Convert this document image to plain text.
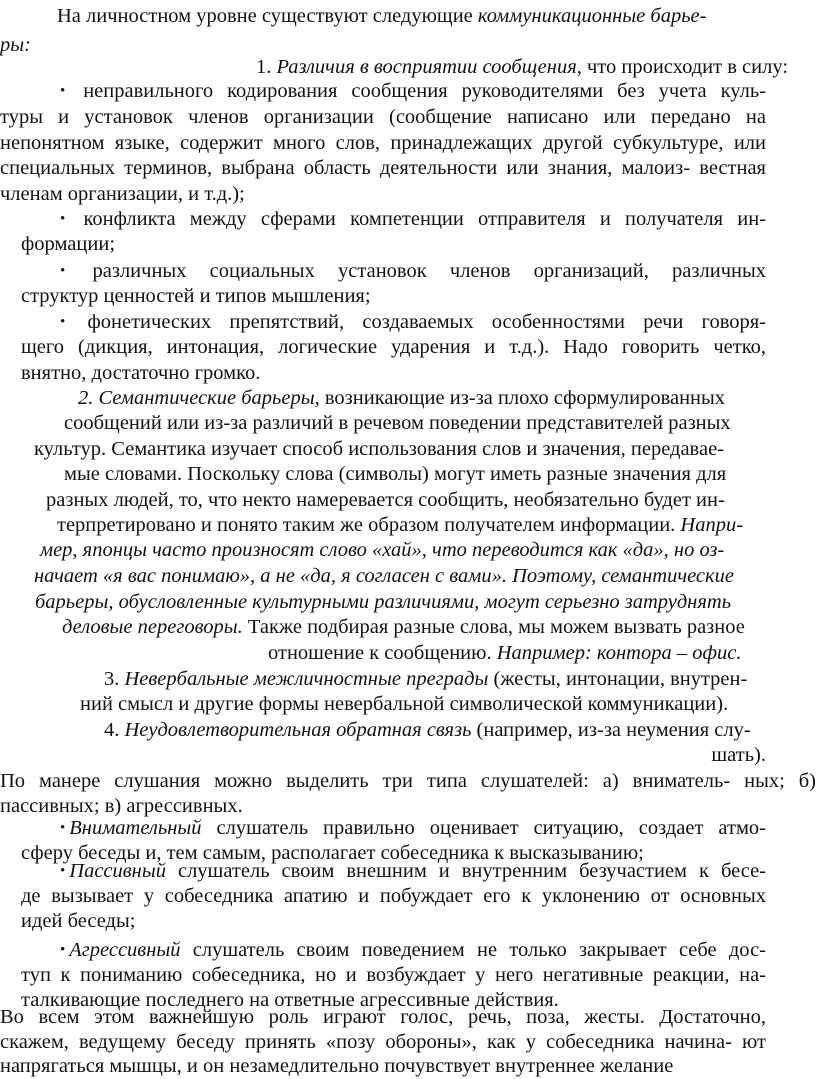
На личностном уровне существуют следующие коммуникационные барье-
ры:
1. Различия в восприятии сообщения, что происходит в силу:
• неправильного кодирования сообщения руководителями без учета куль-
туры и установок членов организации (сообщение написано или передано на
непонятном языке, содержит много слов, принадлежащих другой субкультуре, или
специальных терминов, выбрана область деятельности или знания, малоиз- вестная
членам организации, и т.д.);
• конфликта между сферами компетенции отправителя и получателя ин-
формации;
• различных социальных установок членов организаций, различных
структур ценностей и типов мышления;
• фонетических препятствий, создаваемых особенностями речи говоря-
щего (дикция, интонация, логические ударения и т.д.). Надо говорить четко,
внятно, достаточно громко.
2. Семантические барьеры, возникающие из-за плохо сформулированных
сообщений или из-за различий в речевом поведении представителей разных
культур. Семантика изучает способ использования слов и значения, передавае-
мые словами. Поскольку слова (символы) могут иметь разные значения для
разных людей, то, что некто намеревается сообщить, необязательно будет ин-
терпретировано и понято таким же образом получателем информации. Напри-
мер, японцы часто произносят слово «хай», что переводится как «да», но оз-
начает «я вас понимаю», а не «да, я согласен с вами». Поэтому, семантические
барьеры, обусловленные культурными различиями, могут серьезно затруднять
деловые переговоры. Также подбирая разные слова, мы можем вызвать разное
отношение к сообщению. Например: контора – офис.
3. Невербальные межличностные преграды (жесты, интонации, внутрен-
ний смысл и другие формы невербальной символической коммуникации).
4. Неудовлетворительная обратная связь (например, из-за неумения слу-
шать).
По манере слушания можно выделить три типа слушателей: а) вниматель- ных; б)
пассивных; в) агрессивных.
• Внимательный слушатель правильно оценивает ситуацию, создает атмо-
сферу беседы и, тем самым, располагает собеседника к высказыванию;
• Пассивный слушатель своим внешним и внутренним безучастием к бесе-
де вызывает у собеседника апатию и побуждает его к уклонению от основных
идей беседы;
• Агрессивный слушатель своим поведением не только закрывает себе дос-
туп к пониманию собеседника, но и возбуждает у него негативные реакции, на-
талкивающие последнего на ответные агрессивные действия.
Во всем этом важнейшую роль играют голос, речь, поза, жесты. Достаточно,
скажем, ведущему беседу принять «позу обороны», как у собеседника начина- ют
напрягаться мышцы, и он незамедлительно почувствует внутреннее желание
